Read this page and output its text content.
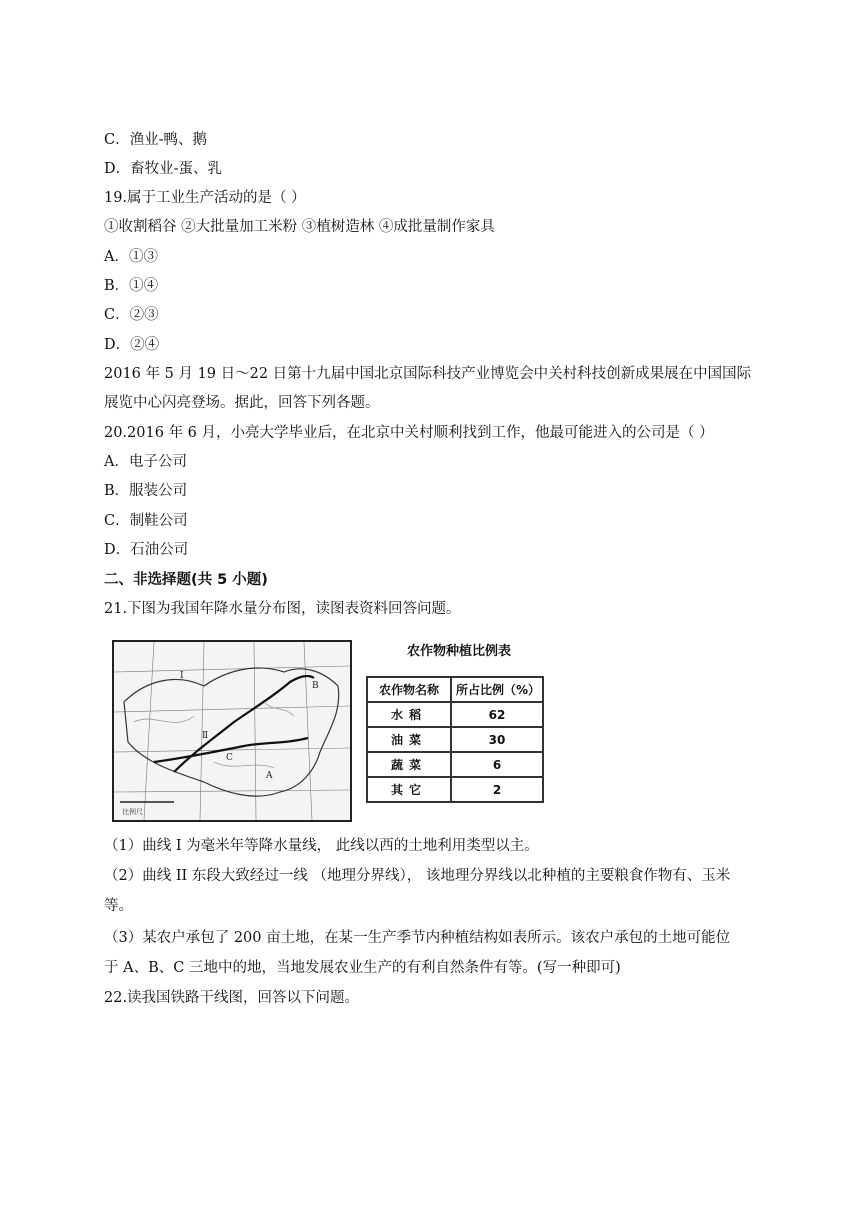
C．渔业-鸭、鹅
D．畜牧业-蛋、乳
19.属于工业生产活动的是（ ）
①收割稻谷 ②大批量加工米粉 ③植树造林 ④成批量制作家具
A．①③
B．①④
C．②③
D．②④
2016 年 5 月 19 日～22 日第十九届中国北京国际科技产业博览会中关村科技创新成果展在中国国际
展览中心闪亮登场。据此，回答下列各题。
20.2016 年 6 月，小亮大学毕业后，在北京中关村顺利找到工作，他最可能进入的公司是（ ）
A．电子公司
B．服装公司
C．制鞋公司
D．石油公司
二、非选择题(共 5 小题)
21.下图为我国年降水量分布图，读图表资料回答问题。
Ⅰ
Ⅱ
B
A
C
比例尺
农作物种植比例表
农作物名称	所占比例（%）
水稻	62
油菜	30
蔬菜	6
其它	2
（1）曲线 I 为毫米年等降水量线， 此线以西的土地利用类型以主。
（2）曲线 II 东段大致经过一线 （地理分界线）， 该地理分界线以北种植的主要粮食作物有、玉米
等。
（3）某农户承包了 200 亩土地，在某一生产季节内种植结构如表所示。该农户承包的土地可能位
于 A、B、C 三地中的地，当地发展农业生产的有利自然条件有等。(写一种即可)
22.读我国铁路干线图，回答以下问题。
